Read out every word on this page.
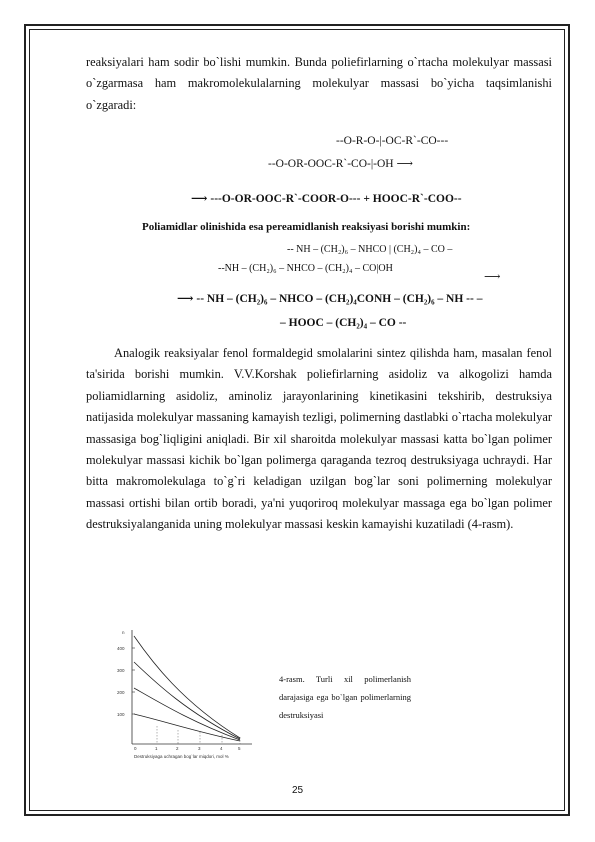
reaksiyalari ham sodir bo`lishi mumkin. Bunda poliefirlarning o`rtacha molekulyar massasi o`zgarmasa ham makromolekulalarning molekulyar massasi bo`yicha taqsimlanishi o`zgaradi:
--O-R-O-|-OC-R`-CO---
--O-OR-OOC-R`-CO-|-OH ⟶
⟶ ---O-OR-OOC-R`-COOR-O--- + HOOC-R`-COO--
Poliamidlar olinishida esa pereamidlanish reaksiyasi borishi mumkin:
-- NH – (CH₂)₆ – NHCO | (CH₂)₄ – CO –
--NH – (CH₂)₆ – NHCO – (CH₂)₄ – CO|OH
⟶
⟶ -- NH – (CH₂)₆ – NHCO – (CH₂)₄CONH – (CH₂)₆ – NH -- –
– HOOC – (CH₂)₄ – CO --
Analogik reaksiyalar fenol formaldegid smolalarini sintez qilishda ham, masalan fenol ta'sirida borishi mumkin. V.V.Korshak poliefirlarning asidoliz va alkogolizi hamda poliamidlarning asidoliz, aminoliz jarayonlarining kinetikasini tekshirib, destruksiya natijasida molekulyar massaning kamayish tezligi, polimerning dastlabki o`rtacha molekulyar massasiga bog`liqligini aniqladi. Bir xil sharoitda molekulyar massasi katta bo`lgan polimer molekulyar massasi kichik bo`lgan polimerga qaraganda tezroq destruksiyaga uchraydi. Har bitta makromolekulaga to`g`ri keladigan uzilgan bog`lar soni polimerning molekulyar massasi ortishi bilan ortib boradi, ya'ni yuqoriroq molekulyar massaga ega bo`lgan polimer destruksiyalanganida uning molekulyar massasi keskin kamayishi kuzatiladi (4-rasm).
n
400
300
200
100
0	1	2	3	4	5
Destruksiyaga uchragan bog`lar miqdori, mol %
4-rasm. Turli xil polimerlanish darajasiga ega bo`lgan polimerlarning destruksiyasi
25
